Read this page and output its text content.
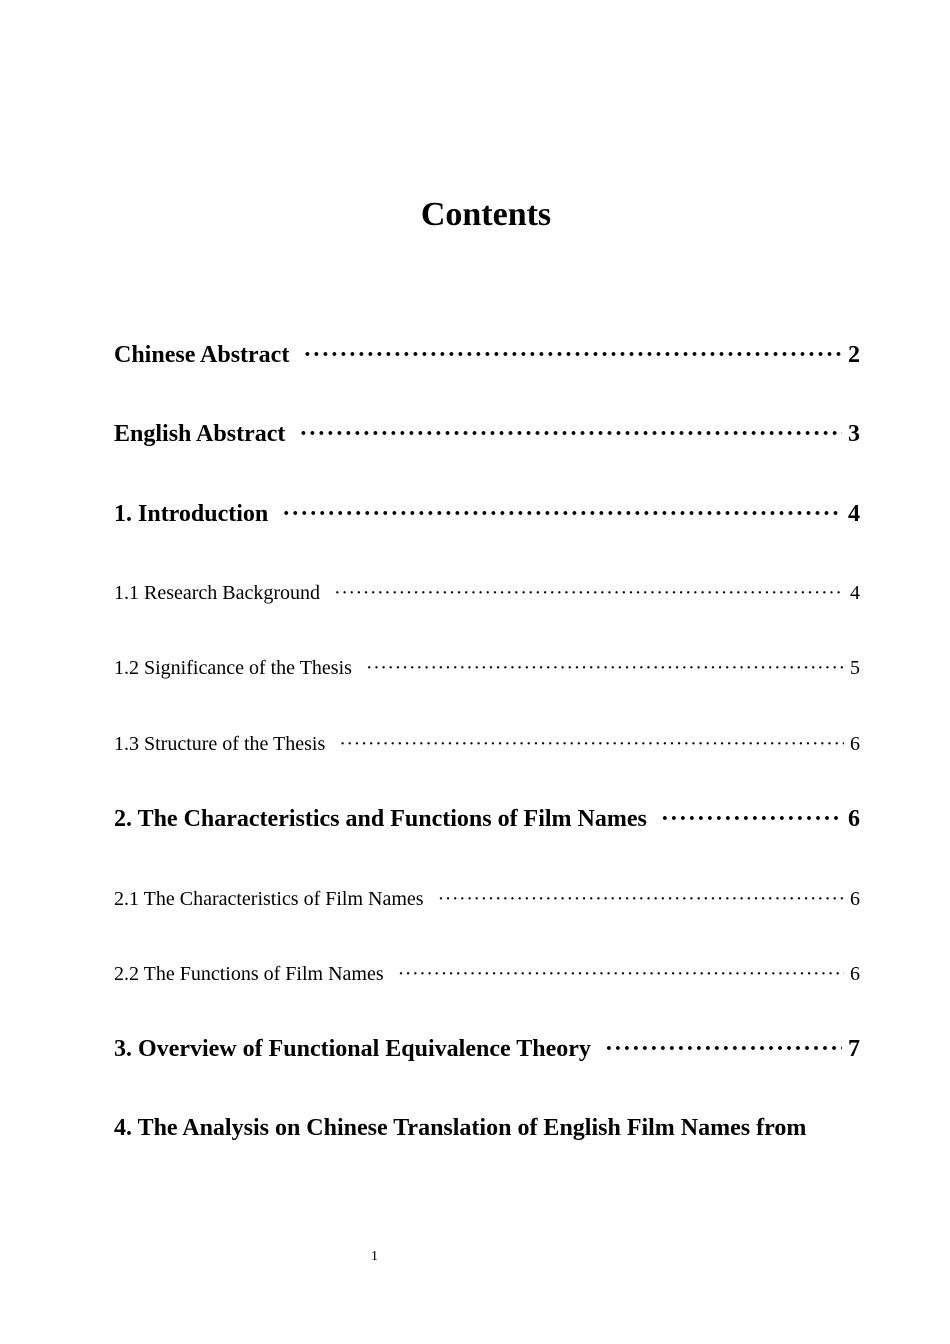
Contents
Chinese Abstract ·····	2
English Abstract ·····	3
1. Introduction ·····	4
1.1 Research Background ·····	4
1.2 Significance of the Thesis ·····	5
1.3 Structure of the Thesis ·····	6
2. The Characteristics and Functions of Film Names ·····	6
2.1 The Characteristics of Film Names ·····	6
2.2 The Functions of Film Names ·····	6
3. Overview of Functional Equivalence Theory ·····	7
4. The Analysis on Chinese Translation of English Film Names from
1
